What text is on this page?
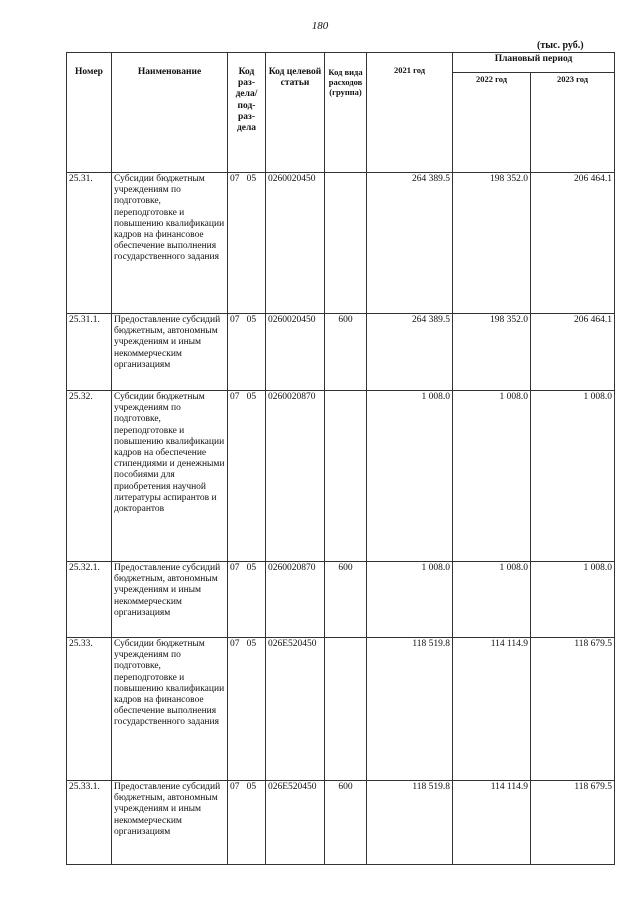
180
(тыс. руб.)
Номер	Наименование	Код раз-дела/ под-раз-дела	Код целевой статьи	Код вида расходов (группа)	2021 год	Плановый период	
						2022 год	2023 год
25.31.	Субсидии бюджетным учреждениям по подготовке, переподготовке и повышению квалификации кадров на финансовое обеспечение выполнения государственного задания	07   05	0260020450		264 389.5	198 352.0	206 464.1
25.31.1.	Предоставление субсидий бюджетным, автономным учреждениям и иным некоммерческим организациям	07   05	0260020450	600	264 389.5	198 352.0	206 464.1
25.32.	Субсидии бюджетным учреждениям по подготовке, переподготовке и повышению квалификации кадров на обеспечение стипендиями и денежными пособиями для приобретения научной литературы аспирантов и докторантов	07   05	0260020870		1 008.0	1 008.0	1 008.0
25.32.1.	Предоставление субсидий бюджетным, автономным учреждениям и иным некоммерческим организациям	07   05	0260020870	600	1 008.0	1 008.0	1 008.0
25.33.	Субсидии бюджетным учреждениям по подготовке, переподготовке и повышению квалификации кадров на финансовое обеспечение выполнения государственного задания	07   05	026E520450		118 519.8	114 114.9	118 679.5
25.33.1.	Предоставление субсидий бюджетным, автономным учреждениям и иным некоммерческим организациям	07   05	026E520450	600	118 519.8	114 114.9	118 679.5
